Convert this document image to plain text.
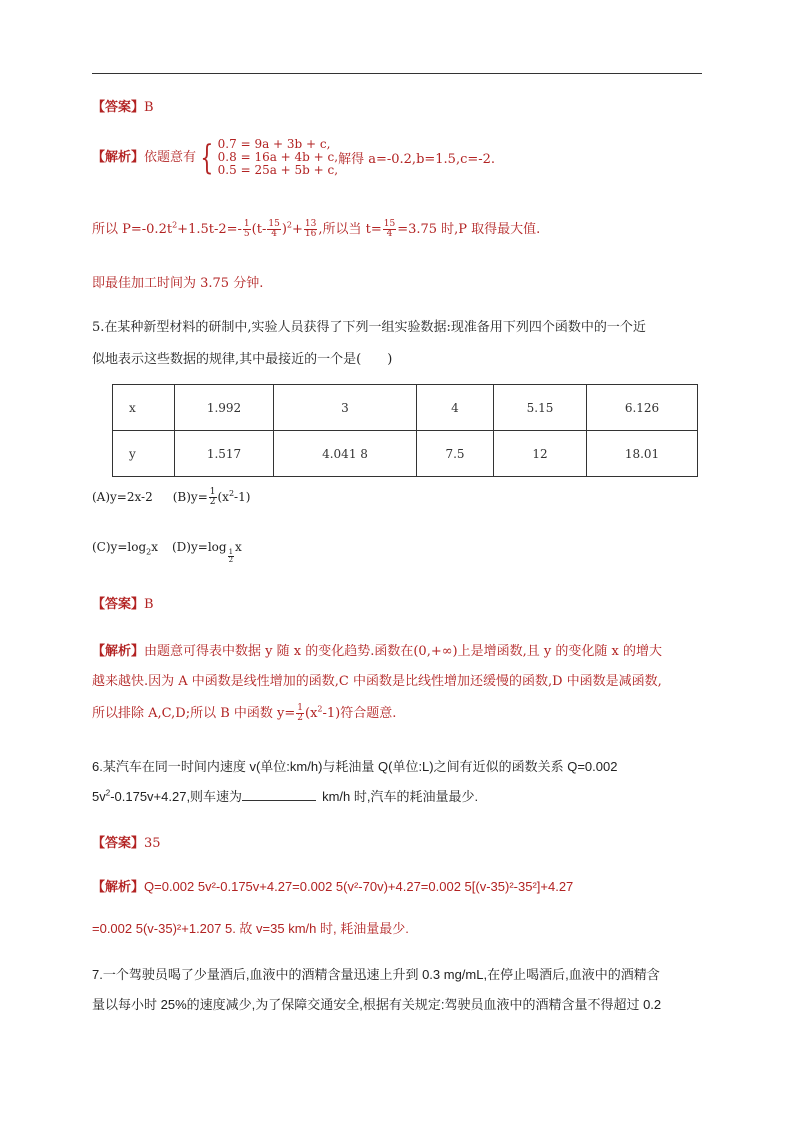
【答案】B
【解析】依题意有 { 0.7 = 9a + 3b + c,
0.8 = 16a + 4b + c,
0.5 = 25a + 5b + c,
解得 a=-0.2,b=1.5,c=-2.
所以 $P=-0.2t^2+1.5t-2=- \frac{1}{5} (t- \frac{15}{4} )^2+ \frac{13}{16}$ ,所以当 $t= \frac{15}{4} =3.75$ 时,P 取得最大值.
即最佳加工时间为 3.75 分钟.
5.在某种新型材料的研制中,实验人员获得了下列一组实验数据:现准备用下列四个函数中的一个近
似地表示这些数据的规律,其中最接近的一个是(　　)
x	1.992	3	4	5.15	6.126
y	1.517	4.041 8	7.5	12	18.01
(A)y=2x-2 $(B)y= \frac{1}{2} (x^2-1)$
$(C)y=\log_2x$ (D)y=log
$\frac{1}{2}$
x
【答案】B
【解析】由题意可得表中数据 y 随 x 的变化趋势.函数在(0,+∞)上是增函数,且 y 的变化随 x 的增大
越来越快.因为 A 中函数是线性增加的函数,C 中函数是比线性增加还缓慢的函数,D 中函数是减函数,
所以排除 A,C,D;所以 B 中函数 $y= \frac{1}{2} (x^2-1)$符合题意.
6.某汽车在同一时间内速度 v(单位:km/h)与耗油量 Q(单位:L)之间有近似的函数关系 Q=0.002
$5v^2-0.175v+4.27$,则车速为	km/h 时,汽车的耗油量最少.
【答案】35
【解析】Q=0.002 5v²-0.175v+4.27=0.002 5(v²-70v)+4.27=0.002 5[(v-35)²-35²]+4.27
=0.002 5(v-35)²+1.207 5. 故 v=35 km/h 时, 耗油量最少.
7.一个驾驶员喝了少量酒后,血液中的酒精含量迅速上升到 0.3 mg/mL,在停止喝酒后,血液中的酒精含
量以每小时 25%的速度减少,为了保障交通安全,根据有关规定:驾驶员血液中的酒精含量不得超过 0.2
